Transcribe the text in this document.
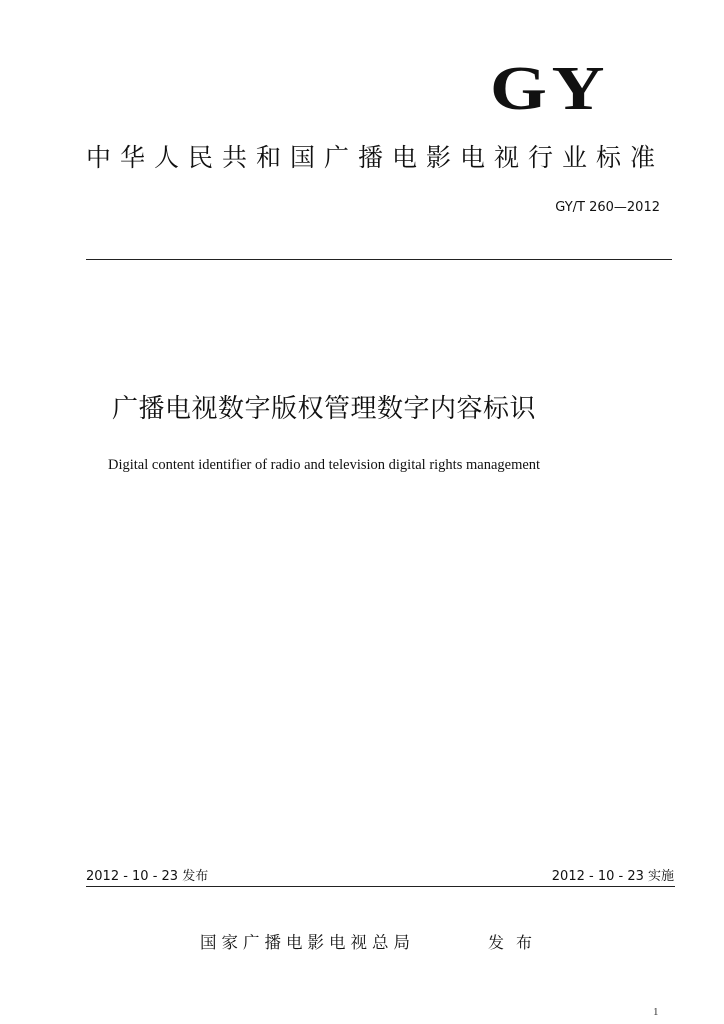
GY
中华人民共和国广播电影电视行业标准
GY/T 260—2012
广播电视数字版权管理数字内容标识
Digital content identifier of radio and television digital rights management
2012 - 10 - 23 发布	2012 - 10 - 23 实施
国家广播电影电视总局	发布
1
